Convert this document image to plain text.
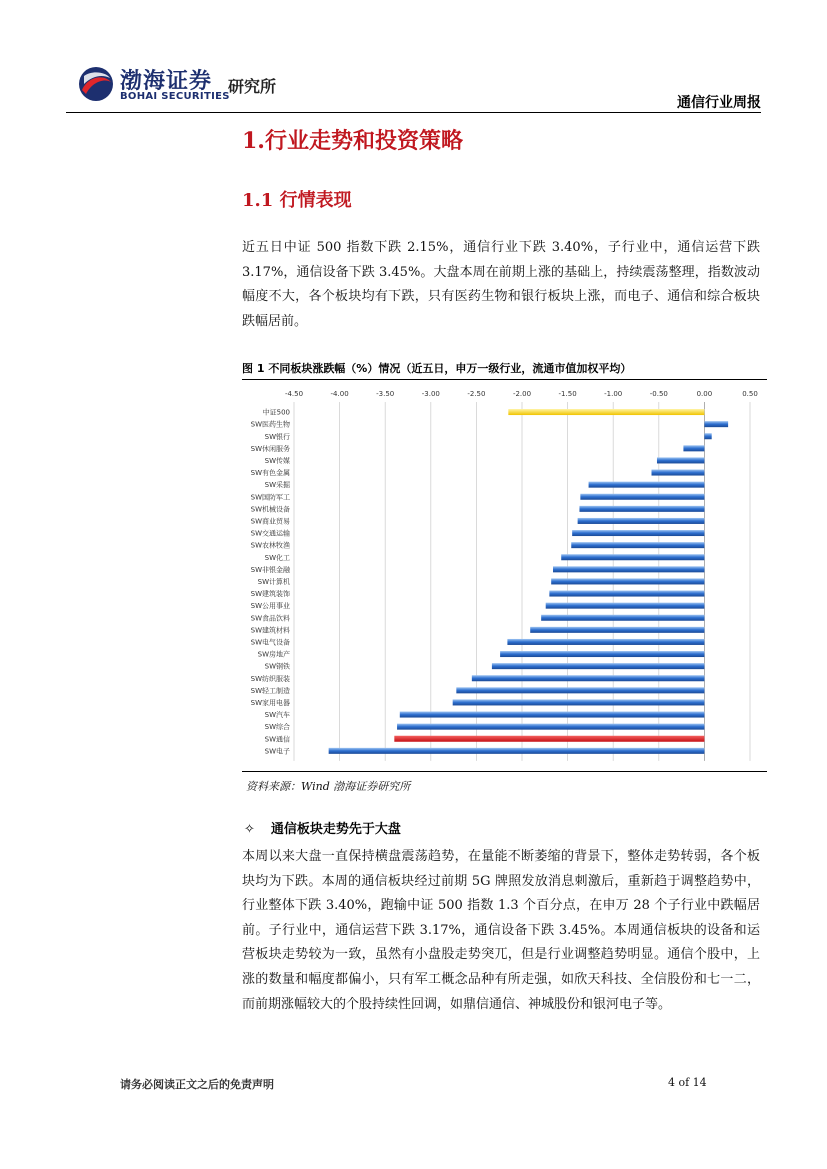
渤海证券
BOHAI SECURITIES
研究所
通信行业周报
1.行业走势和投资策略
1.1 行情表现
近五日中证 500 指数下跌 2.15%，通信行业下跌 3.40%，子行业中，通信运营下跌 3.17%，通信设备下跌 3.45%。大盘本周在前期上涨的基础上，持续震荡整理，指数波动幅度不大，各个板块均有下跌，只有医药生物和银行板块上涨，而电子、通信和综合板块跌幅居前。
图 1 不同板块涨跌幅（%）情况（近五日，申万一级行业，流通市值加权平均）
-4.50	-4.00	-3.50	-3.00	-2.50	-2.00	-1.50	-1.00	-0.50	0.00	0.50
中证500
SW医药生物
SW银行
SW休闲服务
SW传媒
SW有色金属
SW采掘
SW国防军工
SW机械设备
SW商业贸易
SW交通运输
SW农林牧渔
SW化工
SW非银金融
SW计算机
SW建筑装饰
SW公用事业
SW食品饮料
SW建筑材料
SW电气设备
SW房地产
SW钢铁
SW纺织服装
SW轻工制造
SW家用电器
SW汽车
SW综合
SW通信
SW电子
资料来源：Wind 渤海证券研究所
✧ 通信板块走势先于大盘
本周以来大盘一直保持横盘震荡趋势，在量能不断萎缩的背景下，整体走势转弱，各个板块均为下跌。本周的通信板块经过前期 5G 牌照发放消息刺激后，重新趋于调整趋势中，行业整体下跌 3.40%，跑输中证 500 指数 1.3 个百分点，在申万 28 个子行业中跌幅居前。子行业中，通信运营下跌 3.17%，通信设备下跌 3.45%。本周通信板块的设备和运营板块走势较为一致，虽然有小盘股走势突兀，但是行业调整趋势明显。通信个股中，上涨的数量和幅度都偏小，只有军工概念品种有所走强，如欣天科技、全信股份和七一二，而前期涨幅较大的个股持续性回调，如鼎信通信、神城股份和银河电子等。
请务必阅读正文之后的免责声明	4 of 14
